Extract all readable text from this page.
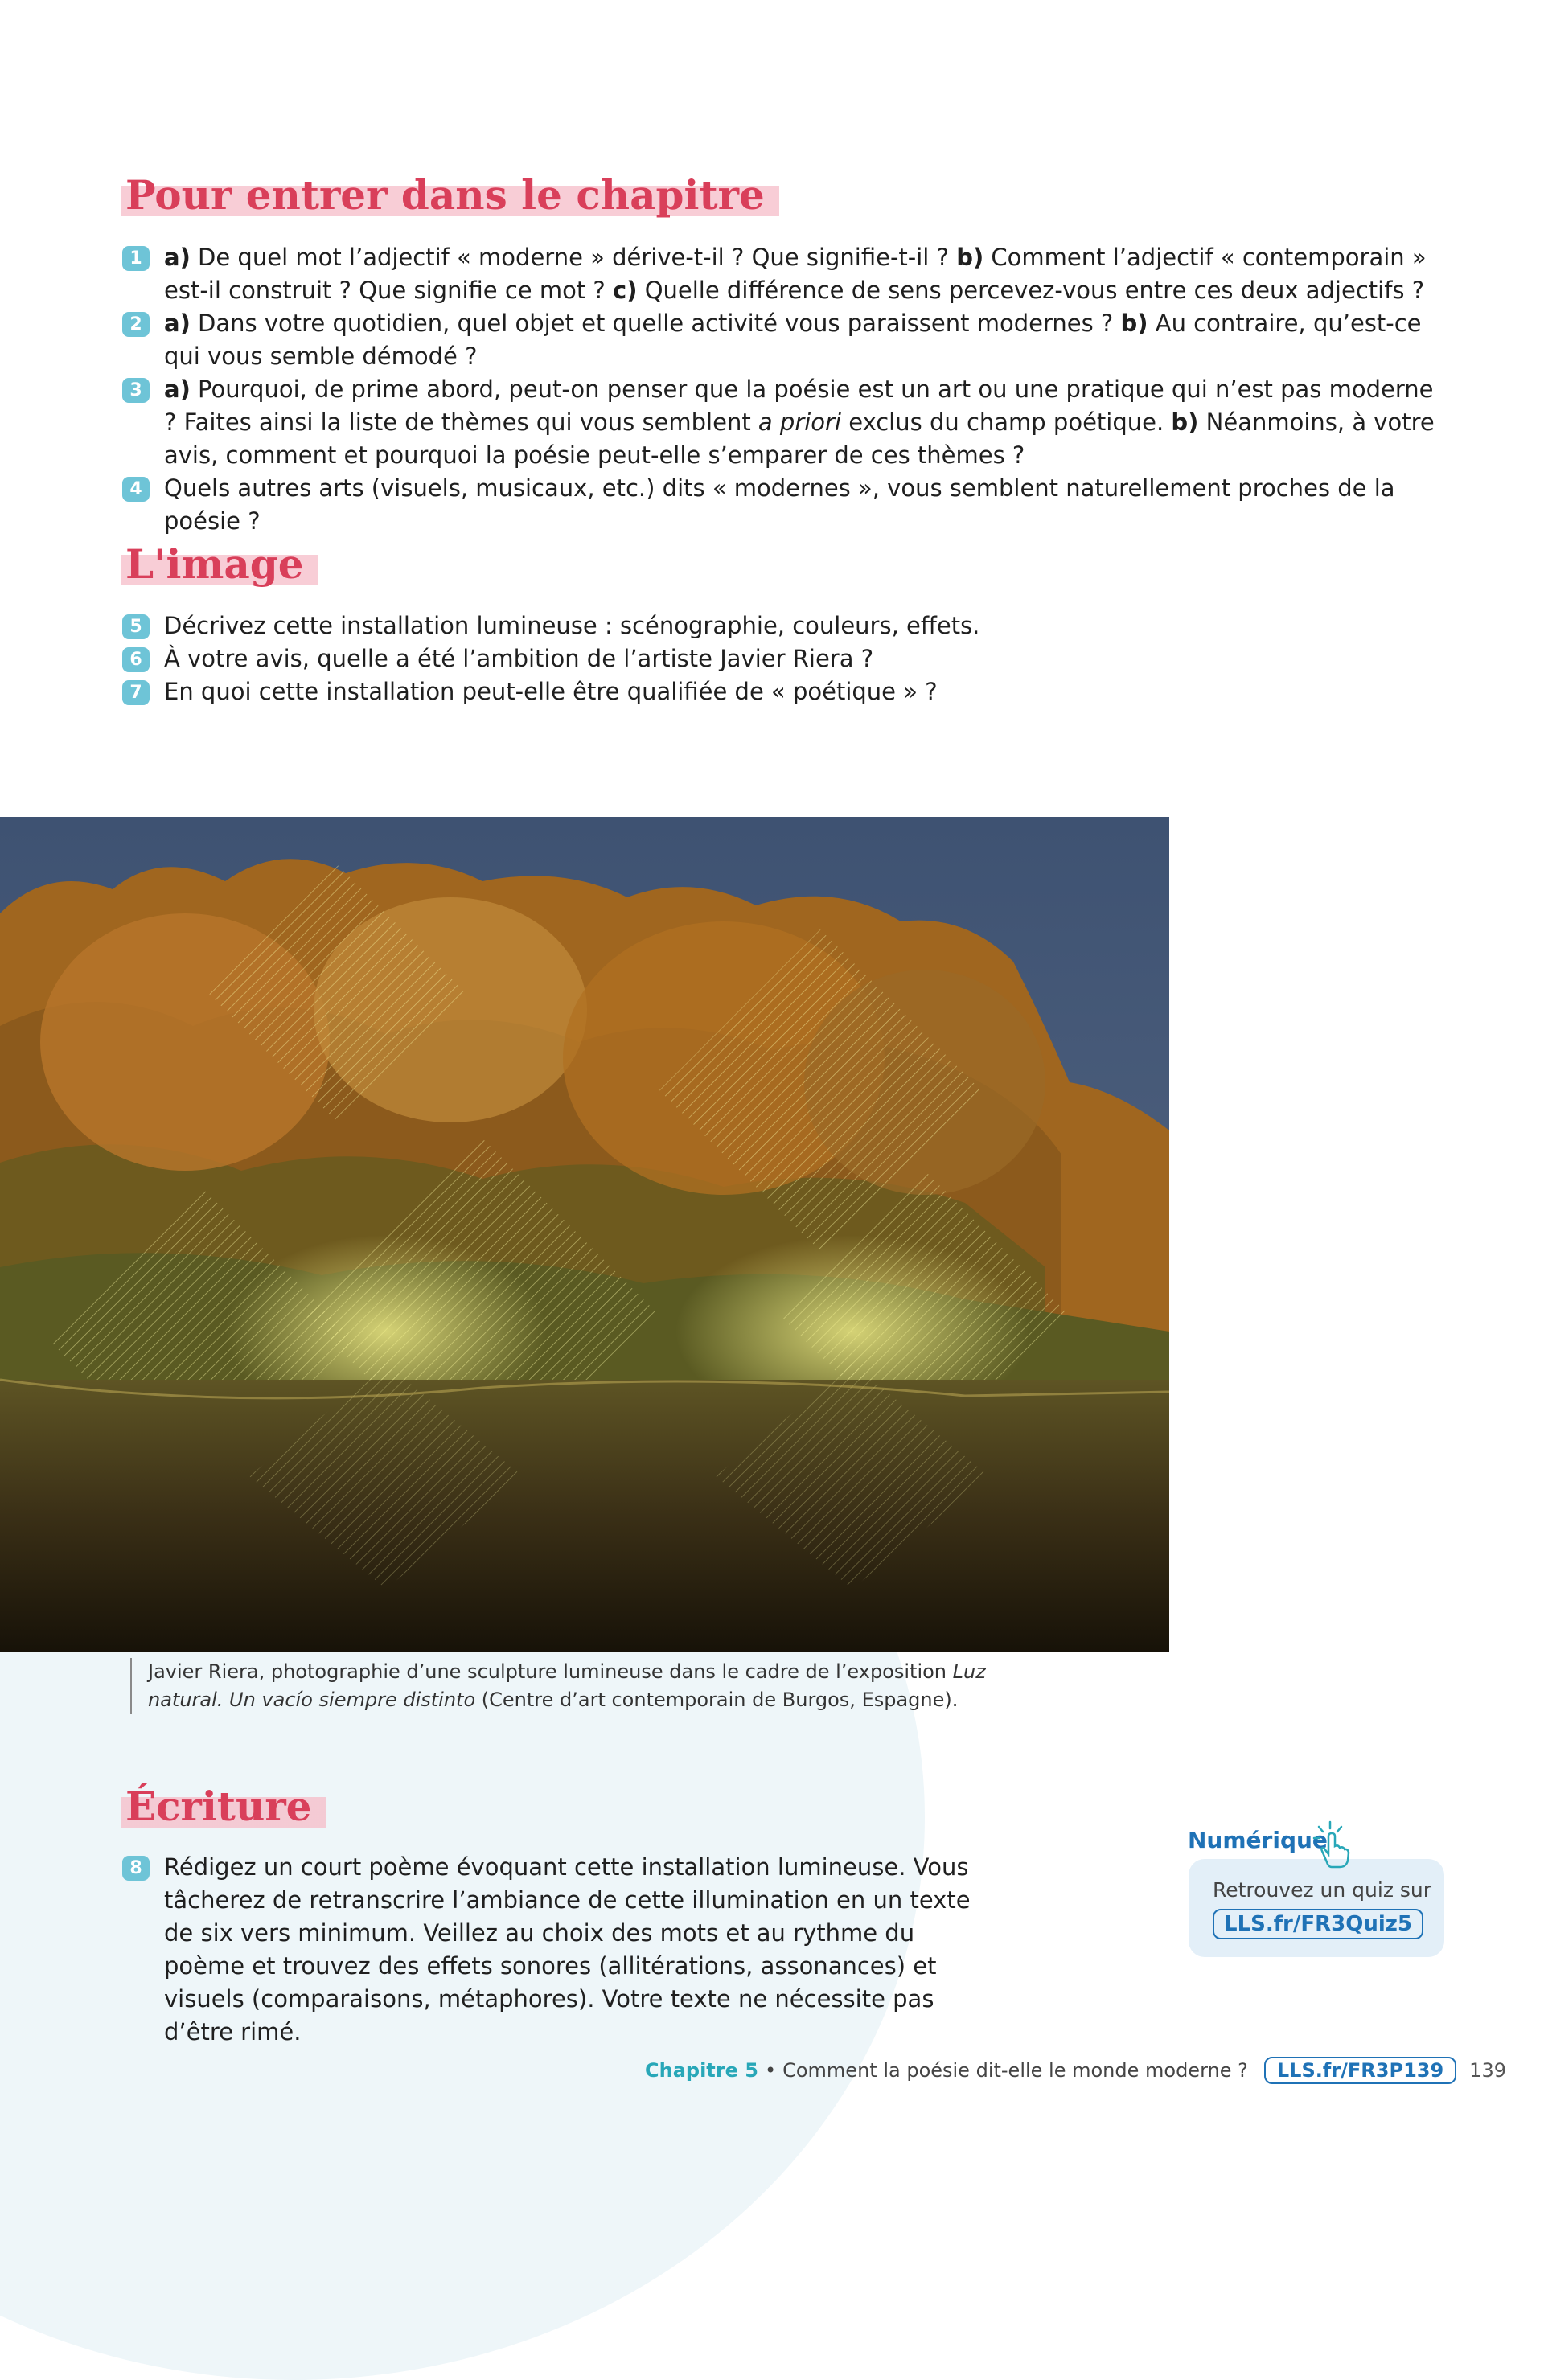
Pour entrer dans le chapitre
1 a) De quel mot l’adjectif « moderne » dérive-t-il ? Que signifie-t-il ? b) Comment l’adjectif « contemporain » est-il construit ? Que signifie ce mot ? c) Quelle différence de sens percevez-vous entre ces deux adjectifs ?
2 a) Dans votre quotidien, quel objet et quelle activité vous paraissent modernes ? b) Au contraire, qu’est-ce qui vous semble démodé ?
3 a) Pourquoi, de prime abord, peut-on penser que la poésie est un art ou une pratique qui n’est pas moderne ? Faites ainsi la liste de thèmes qui vous semblent a priori exclus du champ poétique. b) Néanmoins, à votre avis, comment et pourquoi la poésie peut-elle s’emparer de ces thèmes ?
4 Quels autres arts (visuels, musicaux, etc.) dits « modernes », vous semblent naturellement proches de la poésie ?
L'image
5 Décrivez cette installation lumineuse : scénographie, couleurs, effets.
6 À votre avis, quelle a été l’ambition de l’artiste Javier Riera ?
7 En quoi cette installation peut-elle être qualifiée de « poétique » ?
Javier Riera, photographie d’une sculpture lumineuse dans le cadre de l’exposition Luz natural. Un vacío siempre distinto (Centre d’art contemporain de Burgos, Espagne).
Écriture
8 Rédigez un court poème évoquant cette installation lumineuse. Vous tâcherez de retranscrire l’ambiance de cette illumination en un texte de six vers minimum. Veillez au choix des mots et au rythme du poème et trouvez des effets sonores (allitérations, assonances) et visuels (comparaisons, métaphores). Votre texte ne nécessite pas d’être rimé.
Numérique
Retrouvez un quiz sur
LLS.fr/FR3Quiz5
Chapitre 5 • Comment la poésie dit-elle le monde moderne ?	LLS.fr/FR3P139	139
